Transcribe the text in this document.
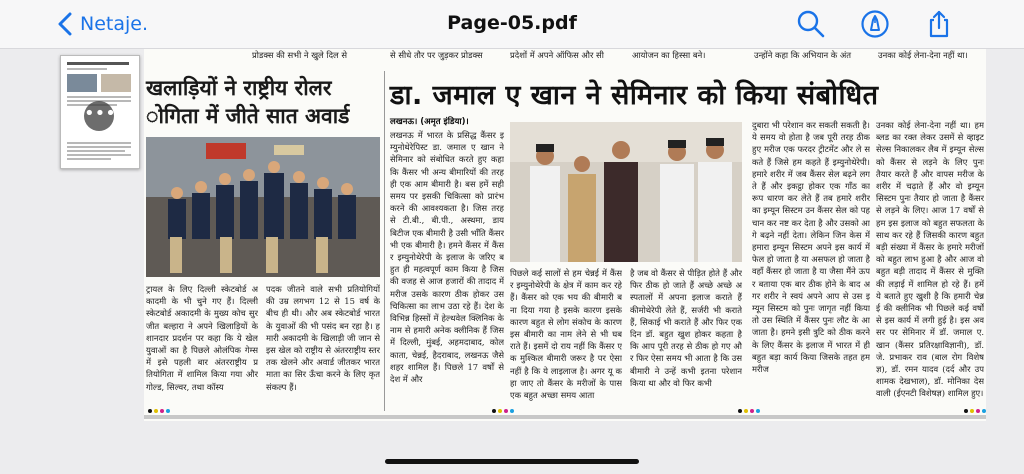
Netaje.	Page-05.pdf
•••
प्रोडक्स की सभी ने खुले दिल से	से सीधे तौर पर जुड़कर प्रोडक्स	प्रदेशों में अपने ऑफिस और सी	आयोजन का हिस्सा बने।	उन्होंने कहा कि अभियान के अंत	उनका कोई लेना-देना नहीं था।
खलाड़ियों ने राष्ट्रीय रोलर
ोगिता में जीते सात अवार्ड
ट्रायल के लिए दिल्ली स्केटबोर्ड अकादमी के भी चुने गए हैं। दिल्ली स्केटबोर्ड अकादमी के मुख्य कोच सुरजीत बल्हारा ने अपने खिलाड़ियों के शानदार प्रदर्शन पर कहा कि ये खेल युवाओं का है पिछले ओलंपिक गेम्स में इसे पहली बार अंतरराष्ट्रीय प्रतियोगिता में शामिल किया गया और गोल्ड, सिल्वर, तथा कॉस्य
पदक जीतने वाले सभी प्रतियोगियों की उम्र लगभग 12 से 15 वर्ष के बीच ही थी। और अब स्केटबोर्ड भारत के युवाओं की भी पसंद बन रहा है। हमारी अकादमी के खिलाड़ी जी जान से इस खेल को राष्ट्रीय से अंतरराष्ट्रीय स्तर तक खेलने और अवार्ड जीतकर भारत माता का सिर ऊँचा करने के लिए कृतसंकल्प हैं।
डा. जमाल ए खान ने सेमिनार को किया संबोधित
लखनऊ। (अमृत इंडिया)।
लखनऊ में भारत के प्रसिद्ध कैंसर इम्युनोथेरेपिस्ट डा. जमाल ए खान ने सेमिनार को संबोधित करते हुए कहा कि कैंसर भी अन्य बीमारियों की तरह ही एक आम बीमारी है। बस हमें सही समय पर इसकी चिकित्सा को प्रारंभ करने की आवश्यकता है। जिस तरह से टी.बी., बी.पी., अस्थमा, डायबिटीज एक बीमारी है उसी भाँति कैंसर भी एक बीमारी है। हमने कैंसर में कैंसर इम्युनोथेरेपी के इलाज के जरिए बहुत ही महत्वपूर्ण काम किया है जिसकी वजह से आज हजारों की तादाद में मरीज उसके कारण ठीक होकर उस चिकित्सा का लाभ उठा रहे हैं। देश के विभिन्न हिस्सों में हेल्थवेल क्लिनिक के नाम से हमारी अनेक क्लीनिक हैं जिसमें दिल्ली, मुंबई, अहमदाबाद, कोलकाता, चेन्नई, हैदराबाद, लखनऊ जैसे शहर शामिल हैं। पिछले 17 वर्षों से देश में और
पिछले कई सालों से हम चेन्नई में कैंसर इम्युनोथेरेपी के क्षेत्र में काम कर रहे हैं। कैंसर को एक भय की बीमारी बना दिया गया है इसके कारण इसके कारण बहुत से लोग संकोच के कारण इस बीमारी का नाम लेने से भी घबराते हैं। इसमें दो राय नहीं कि कैंसर एक मुश्किल बीमारी जरूर है पर ऐसा नहीं है कि ये लाइलाज है। अगर यू कहा जाए तो कैंसर के मरीजों के पास एक बहुत अच्छा समय आता
है जब वो कैंसर से पीड़ित होते हैं और फिर ठीक हो जाते हैं अच्छे अच्छे अस्पतालों में अपना इलाज कराते हैं कीमोथेरेपी लेते हैं, सर्जरी भी कराते हैं, सिकाई भी कराते हैं और फिर एक दिन डॉ. बहुत खुश होकर कहता है कि आप पूरी तरह से ठीक हो गए और फिर ऐसा समय भी आता है कि उस बीमारी ने उन्हें कभी इतना परेशान किया था और वो फिर कभी
दुबारा भी परेशान कर सकती सकती है। ये समय वो होता है जब पूरी तरह ठीक हुए मरीज एक फरदर ट्रीटमेंट और ले सकते हैं जिसे हम कहते हैं इम्युनोथेरेपी। हमारे शरीर में जब कैंसर सेल बढ़ने लगते हैं और इकट्ठा होकर एक गाँठ का रूप धारण कर लेते हैं तब हमारे शरीर का इम्यून सिस्टम उन कैंसर सेल को पहचान कर नष्ट कर देता है और उसको आगे बढ़ने नहीं देता। लेकिन जिन केस में हमारा इम्यून सिस्टम अपने इस कार्य में फेल हो जाता है या असफल हो जाता है वहाँ कैंसर हो जाता है या जैसा मैंने ऊपर बताया एक बार ठीक होने के बाद अगर शरीर ने स्वयं अपने आप से उस इम्यून सिस्टम को पुनः जागृत नहीं किया तो उस स्थिति में कैंसर पुनः लौट के आ जाता है। हमने इसी त्रुटि को ठीक करने के लिए कैंसर के इलाज में भारत में ही बहुत बड़ा कार्य किया जिसके तहत हम मरीज
उनका कोई लेना-देना नहीं था। हम ब्लड का रक्त लेकर उसमें से व्हाइट सेल्स निकालकर लैब में इम्यून सेल्स को कैंसर से लड़ने के लिए पुनः तैयार करते हैं और वापस मरीज के शरीर में चढ़ाते हैं और वो इम्यून सिस्टम पुनः तैयार हो जाता है कैंसर से लड़ने के लिए। आज 17 वर्षों से हम इस इलाज को बहुत सफलता के साथ कर रहे हैं जिसकी कारण बहुत बड़ी संख्या में कैंसर के हमारे मरीजों को बहुत लाभ हुआ है और आज वो बहुत बड़ी तादाद में कैंसर से मुक्ति की लड़ाई में शामिल हो रहे हैं। हमें ये बताते हुए खुशी है कि हमारी चेन्नई की क्लीनिक भी पिछले कई वर्षों से इस कार्य में लगी हुई है। इस अवसर पर सेमिनार में डॉ. जमाल ए. खान (कैंसर प्रतिरक्षाविज्ञानी), डॉ. जे. प्रभाकर राव (बाल रोग विशेषज्ञ), डॉ. रमन यादव (दर्द और उपशामक देखभाल), डॉ. मोनिका देसवाली (ईएनटी विशेषज्ञ) शामिल हुए।
